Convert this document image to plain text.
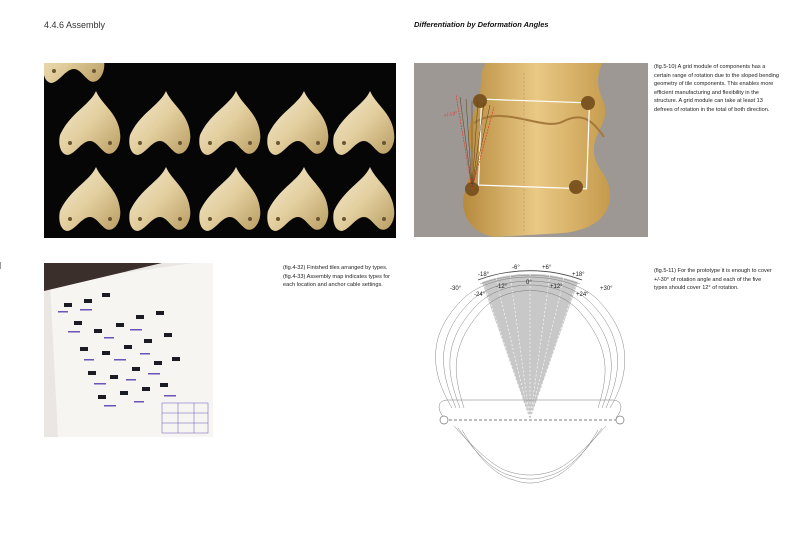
4.4.6 Assembly	Differentiation by Deformation Angles
+/-13°
(fig.5-10) A grid module of components has a certain range of rotation due to the sloped bending geometry of tile components. This enables more efficient manufacturing and flexibility in the structure. A grid module can take at least 13 defrees of rotation in the total of both direction.
(fig.4-32) Finished tiles arranged by types. (fig.4-33) Assembly map indicates types for each location and anchor cable settings.
(fig.5-11) For the prototype it is enough to cover +/-30° of rotation angle and each of the five types should cover 12° of rotation.
-18°
-6°	+6°
+18°
-30°
-24°
-12°
0°
+12°
+24°
+30°
